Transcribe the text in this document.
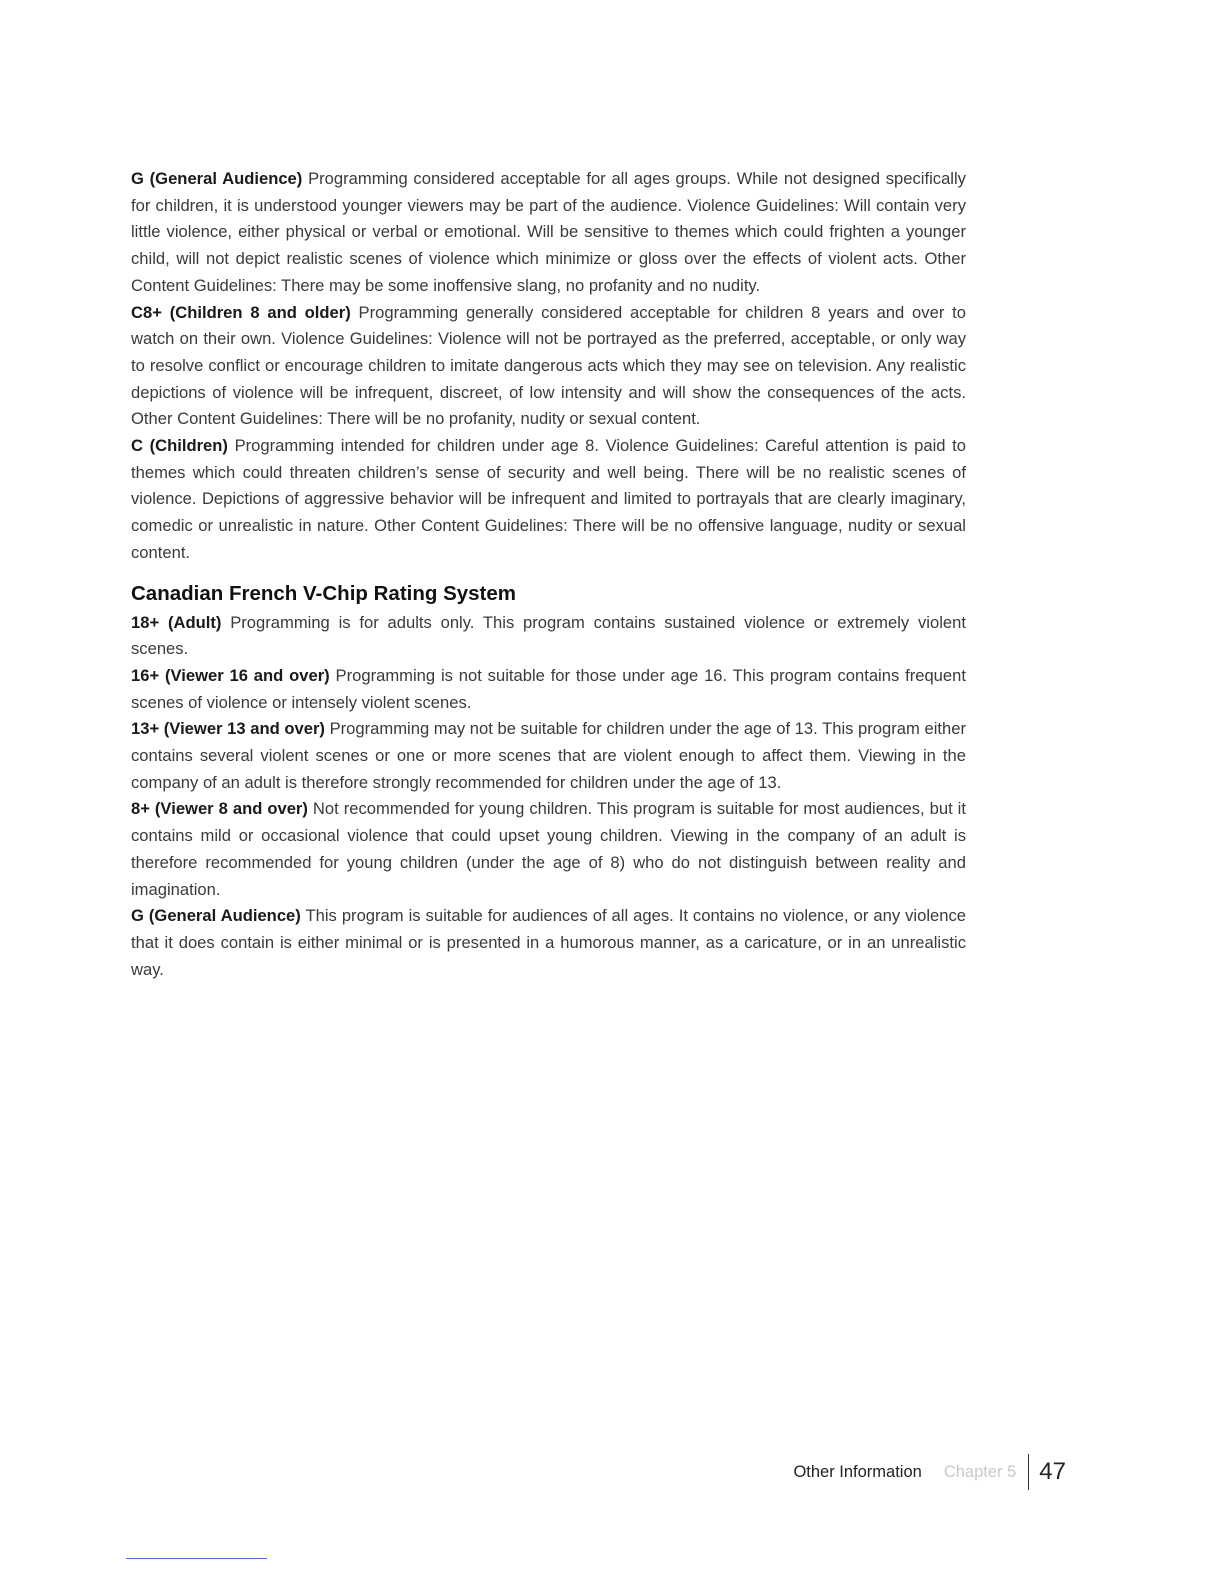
G (General Audience) Programming considered acceptable for all ages groups. While not designed specifically for children, it is understood younger viewers may be part of the audience. Violence Guidelines: Will contain very little violence, either physical or verbal or emotional. Will be sensitive to themes which could frighten a younger child, will not depict realistic scenes of violence which minimize or gloss over the effects of violent acts. Other Content Guidelines: There may be some inoffensive slang, no profanity and no nudity.

C8+ (Children 8 and older) Programming generally considered acceptable for children 8 years and over to watch on their own. Violence Guidelines: Violence will not be portrayed as the preferred, acceptable, or only way to resolve conflict or encourage children to imitate dangerous acts which they may see on television. Any realistic depictions of violence will be infrequent, discreet, of low intensity and will show the consequences of the acts. Other Content Guidelines: There will be no profanity, nudity or sexual content.

C (Children) Programming intended for children under age 8. Violence Guidelines: Careful attention is paid to themes which could threaten children’s sense of security and well being. There will be no realistic scenes of violence. Depictions of aggressive behavior will be infrequent and limited to portrayals that are clearly imaginary, comedic or unrealistic in nature. Other Content Guidelines: There will be no offensive language, nudity or sexual content.

Canadian French V-Chip Rating System

18+ (Adult) Programming is for adults only. This program contains sustained violence or extremely violent scenes.

16+ (Viewer 16 and over) Programming is not suitable for those under age 16. This program contains frequent scenes of violence or intensely violent scenes.

13+ (Viewer 13 and over) Programming may not be suitable for children under the age of 13. This program either contains several violent scenes or one or more scenes that are violent enough to affect them. Viewing in the company of an adult is therefore strongly recommended for children under the age of 13.

8+ (Viewer 8 and over) Not recommended for young children. This program is suitable for most audiences, but it contains mild or occasional violence that could upset young children. Viewing in the company of an adult is therefore recommended for young children (under the age of 8) who do not distinguish between reality and imagination.

G (General Audience) This program is suitable for audiences of all ages. It contains no violence, or any violence that it does contain is either minimal or is presented in a humorous manner, as a caricature, or in an unrealistic way.

Other Information Chapter 5 47
